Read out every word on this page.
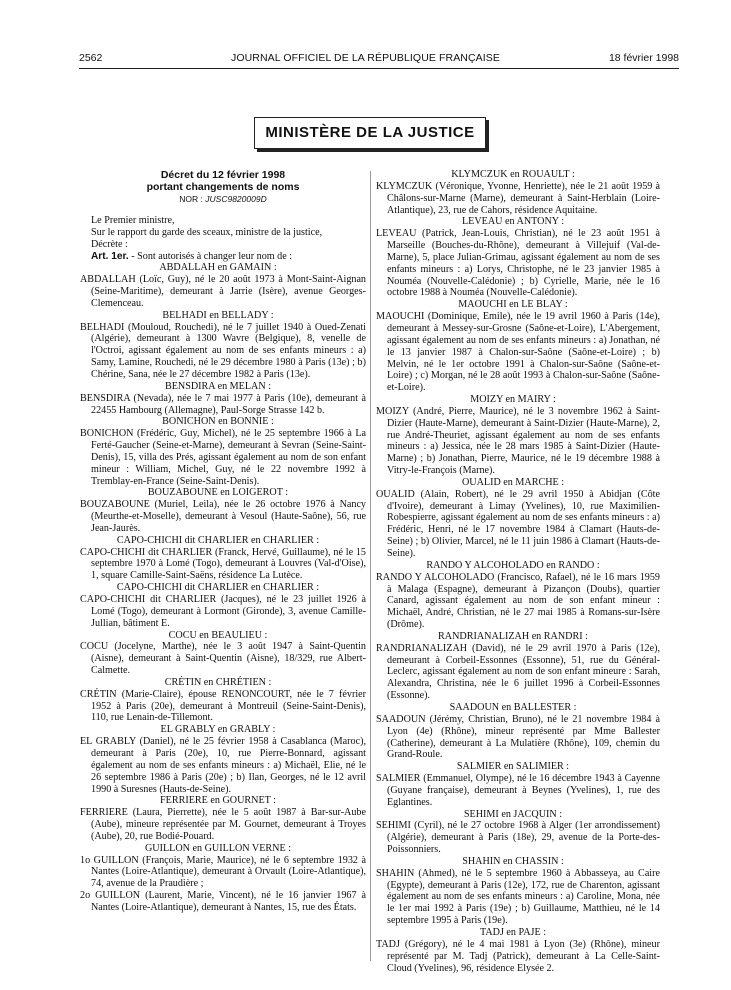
2562	JOURNAL OFFICIEL DE LA RÉPUBLIQUE FRANÇAISE	18 février 1998
MINISTÈRE DE LA JUSTICE
Décret du 12 février 1998
portant changements de noms
NOR : JUSC9820009D

Le Premier ministre,

Sur le rapport du garde des sceaux, ministre de la justice,

Décrète :

Art. 1er. - Sont autorisés à changer leur nom de :

ABDALLAH en GAMAIN :

ABDALLAH (Loïc, Guy), né le 20 août 1973 à Mont-Saint-Aignan (Seine-Maritime), demeurant à Jarrie (Isère), avenue Georges-Clemenceau.

BELHADI en BELLADY :

BELHADI (Mouloud, Rouchedi), né le 7 juillet 1940 à Oued-Zenati (Algérie), demeurant à 1300 Wavre (Belgique), 8, venelle de l'Octroi, agissant également au nom de ses enfants mineurs : a) Samy, Lamine, Rouchedi, né le 29 décembre 1980 à Paris (13e) ; b) Chérine, Sana, née le 27 décembre 1982 à Paris (13e).

BENSDIRA en MELAN :

BENSDIRA (Nevada), née le 7 mai 1977 à Paris (10e), demeurant à 22455 Hambourg (Allemagne), Paul-Sorge Strasse 142 b.

BONICHON en BONNIE :

BONICHON (Frédéric, Guy, Michel), né le 25 septembre 1966 à La Ferté-Gaucher (Seine-et-Marne), demeurant à Sevran (Seine-Saint-Denis), 15, villa des Prés, agissant également au nom de son enfant mineur : William, Michel, Guy, né le 22 novembre 1992 à Tremblay-en-France (Seine-Saint-Denis).

BOUZABOUNE en LOIGEROT :

BOUZABOUNE (Muriel, Leila), née le 26 octobre 1976 à Nancy (Meurthe-et-Moselle), demeurant à Vesoul (Haute-Saône), 56, rue Jean-Jaurès.

CAPO-CHICHI dit CHARLIER en CHARLIER :

CAPO-CHICHI dit CHARLIER (Franck, Hervé, Guillaume), né le 15 septembre 1970 à Lomé (Togo), demeurant à Louvres (Val-d'Oise), 1, square Camille-Saint-Saëns, résidence La Lutèce.

CAPO-CHICHI dit CHARLIER en CHARLIER :

CAPO-CHICHI dit CHARLIER (Jacques), né le 23 juillet 1926 à Lomé (Togo), demeurant à Lormont (Gironde), 3, avenue Camille-Jullian, bâtiment E.

COCU en BEAULIEU :

COCU (Jocelyne, Marthe), née le 3 août 1947 à Saint-Quentin (Aisne), demeurant à Saint-Quentin (Aisne), 18/329, rue Albert-Calmette.

CRÉTIN en CHRÉTIEN :

CRÉTIN (Marie-Claire), épouse RENONCOURT, née le 7 février 1952 à Paris (20e), demeurant à Montreuil (Seine-Saint-Denis), 110, rue Lenain-de-Tillemont.

EL GRABLY en GRABLY :

EL GRABLY (Daniel), né le 25 février 1958 à Casablanca (Maroc), demeurant à Paris (20e), 10, rue Pierre-Bonnard, agissant également au nom de ses enfants mineurs : a) Michaël, Elie, né le 26 septembre 1986 à Paris (20e) ; b) Ilan, Georges, né le 12 avril 1990 à Suresnes (Hauts-de-Seine).

FERRIERE en GOURNET :

FERRIERE (Laura, Pierrette), née le 5 août 1987 à Bar-sur-Aube (Aube), mineure représentée par M. Gournet, demeurant à Troyes (Aube), 20, rue Bodié-Pouard.

GUILLON en GUILLON VERNE :

1o GUILLON (François, Marie, Maurice), né le 6 septembre 1932 à Nantes (Loire-Atlantique), demeurant à Orvault (Loire-Atlantique), 74, avenue de la Praudière ;

2o GUILLON (Laurent, Marie, Vincent), né le 16 janvier 1967 à Nantes (Loire-Atlantique), demeurant à Nantes, 15, rue des États.

KLYMCZUK en ROUAULT :

KLYMCZUK (Véronique, Yvonne, Henriette), née le 21 août 1959 à Châlons-sur-Marne (Marne), demeurant à Saint-Herblain (Loire-Atlantique), 23, rue de Cahors, résidence Aquitaine.

LEVEAU en ANTONY :

LEVEAU (Patrick, Jean-Louis, Christian), né le 23 août 1951 à Marseille (Bouches-du-Rhône), demeurant à Villejuif (Val-de-Marne), 5, place Julian-Grimau, agissant également au nom de ses enfants mineurs : a) Lorys, Christophe, né le 23 janvier 1985 à Nouméa (Nouvelle-Calédonie) ; b) Cyrielle, Marie, née le 16 octobre 1988 à Nouméa (Nouvelle-Calédonie).

MAOUCHI en LE BLAY :

MAOUCHI (Dominique, Emile), née le 19 avril 1960 à Paris (14e), demeurant à Messey-sur-Grosne (Saône-et-Loire), L'Abergement, agissant également au nom de ses enfants mineurs : a) Jonathan, né le 13 janvier 1987 à Chalon-sur-Saône (Saône-et-Loire) ; b) Melvin, né le 1er octobre 1991 à Chalon-sur-Saône (Saône-et-Loire) ; c) Morgan, né le 28 août 1993 à Chalon-sur-Saône (Saône-et-Loire).

MOIZY en MAIRY :

MOIZY (André, Pierre, Maurice), né le 3 novembre 1962 à Saint-Dizier (Haute-Marne), demeurant à Saint-Dizier (Haute-Marne), 2, rue André-Theuriet, agissant également au nom de ses enfants mineurs : a) Jessica, née le 28 mars 1985 à Saint-Dizier (Haute-Marne) ; b) Jonathan, Pierre, Maurice, né le 19 décembre 1988 à Vitry-le-François (Marne).

OUALID en MARCHE :

OUALID (Alain, Robert), né le 29 avril 1950 à Abidjan (Côte d'Ivoire), demeurant à Limay (Yvelines), 10, rue Maximilien-Robespierre, agissant également au nom de ses enfants mineurs : a) Frédéric, Henri, né le 17 novembre 1984 à Clamart (Hauts-de-Seine) ; b) Olivier, Marcel, né le 11 juin 1986 à Clamart (Hauts-de-Seine).

RANDO Y ALCOHOLADO en RANDO :

RANDO Y ALCOHOLADO (Francisco, Rafael), né le 16 mars 1959 à Malaga (Espagne), demeurant à Pizançon (Doubs), quartier Canard, agissant également au nom de son enfant mineur : Michaël, André, Christian, né le 27 mai 1985 à Romans-sur-Isère (Drôme).

RANDRIANALIZAH en RANDRI :

RANDRIANALIZAH (David), né le 29 avril 1970 à Paris (12e), demeurant à Corbeil-Essonnes (Essonne), 51, rue du Général-Leclerc, agissant également au nom de son enfant mineure : Sarah, Alexandra, Christina, née le 6 juillet 1996 à Corbeil-Essonnes (Essonne).

SAADOUN en BALLESTER :

SAADOUN (Jérémy, Christian, Bruno), né le 21 novembre 1984 à Lyon (4e) (Rhône), mineur représenté par Mme Ballester (Catherine), demeurant à La Mulatière (Rhône), 109, chemin du Grand-Roule.

SALMIER en SALIMIER :

SALMIER (Emmanuel, Olympe), né le 16 décembre 1943 à Cayenne (Guyane française), demeurant à Beynes (Yvelines), 1, rue des Eglantines.

SEHIMI en JACQUIN :

SEHIMI (Cyril), né le 27 octobre 1968 à Alger (1er arrondissement) (Algérie), demeurant à Paris (18e), 29, avenue de la Porte-des-Poissonniers.

SHAHIN en CHASSIN :

SHAHIN (Ahmed), né le 5 septembre 1960 à Abbasseya, au Caire (Egypte), demeurant à Paris (12e), 172, rue de Charenton, agissant également au nom de ses enfants mineurs : a) Caroline, Mona, née le 1er mai 1992 à Paris (19e) ; b) Guillaume, Matthieu, né le 14 septembre 1995 à Paris (19e).

TADJ en PAJE :

TADJ (Grégory), né le 4 mai 1981 à Lyon (3e) (Rhône), mineur représenté par M. Tadj (Patrick), demeurant à La Celle-Saint-Cloud (Yvelines), 96, résidence Elysée 2.
